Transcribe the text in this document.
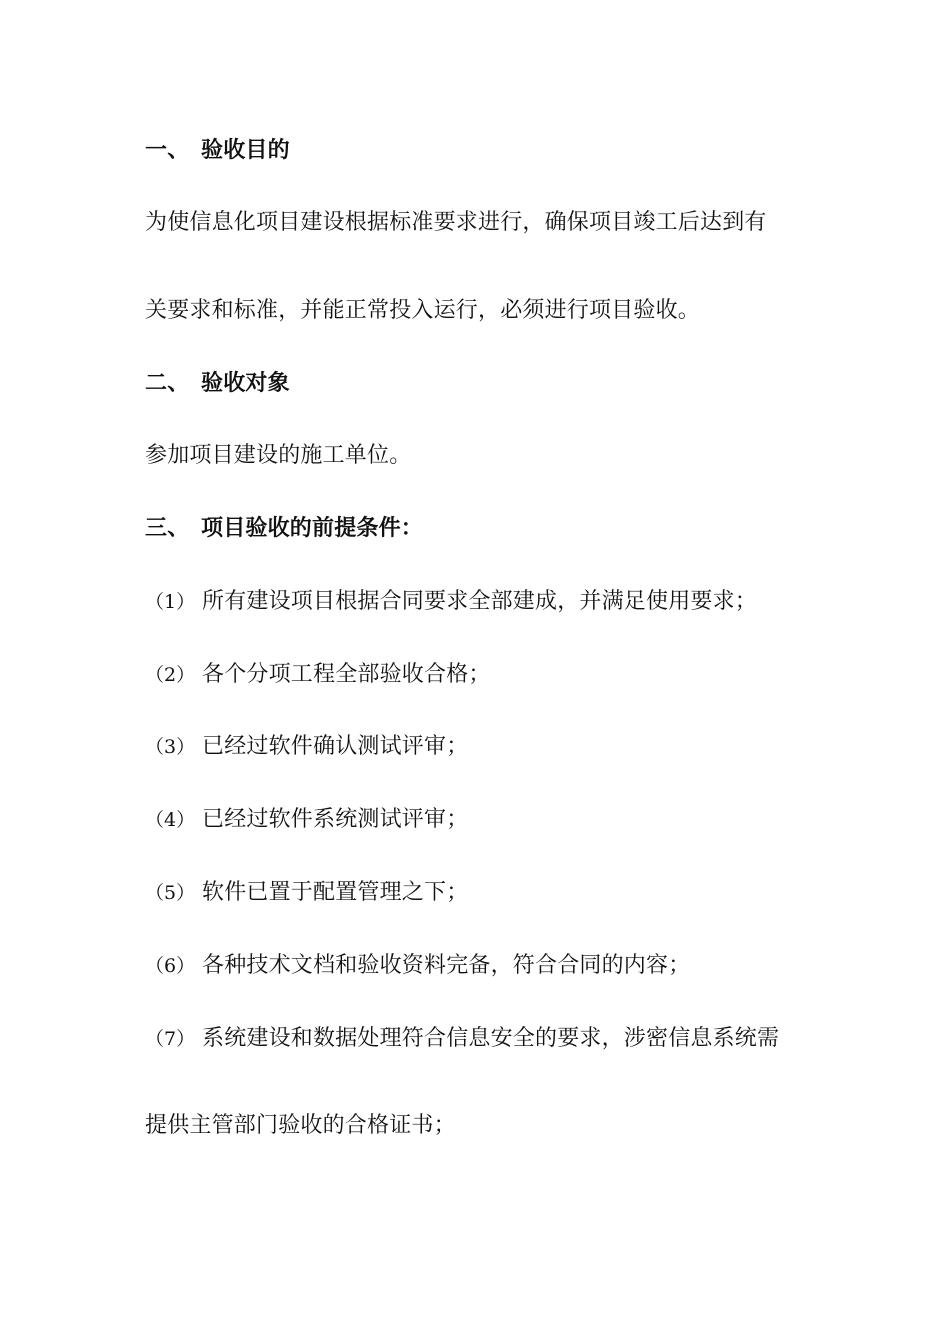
一、 验收目的
为使信息化项目建设根据标准要求进行，确保项目竣工后达到有
关要求和标准，并能正常投入运行，必须进行项目验收。
二、 验收对象
参加项目建设的施工单位。
三、 项目验收的前提条件：
（1） 所有建设项目根据合同要求全部建成，并满足使用要求；
（2） 各个分项工程全部验收合格；
（3） 已经过软件确认测试评审；
（4） 已经过软件系统测试评审；
（5） 软件已置于配置管理之下；
（6） 各种技术文档和验收资料完备，符合合同的内容；
（7） 系统建设和数据处理符合信息安全的要求，涉密信息系统需
提供主管部门验收的合格证书；
